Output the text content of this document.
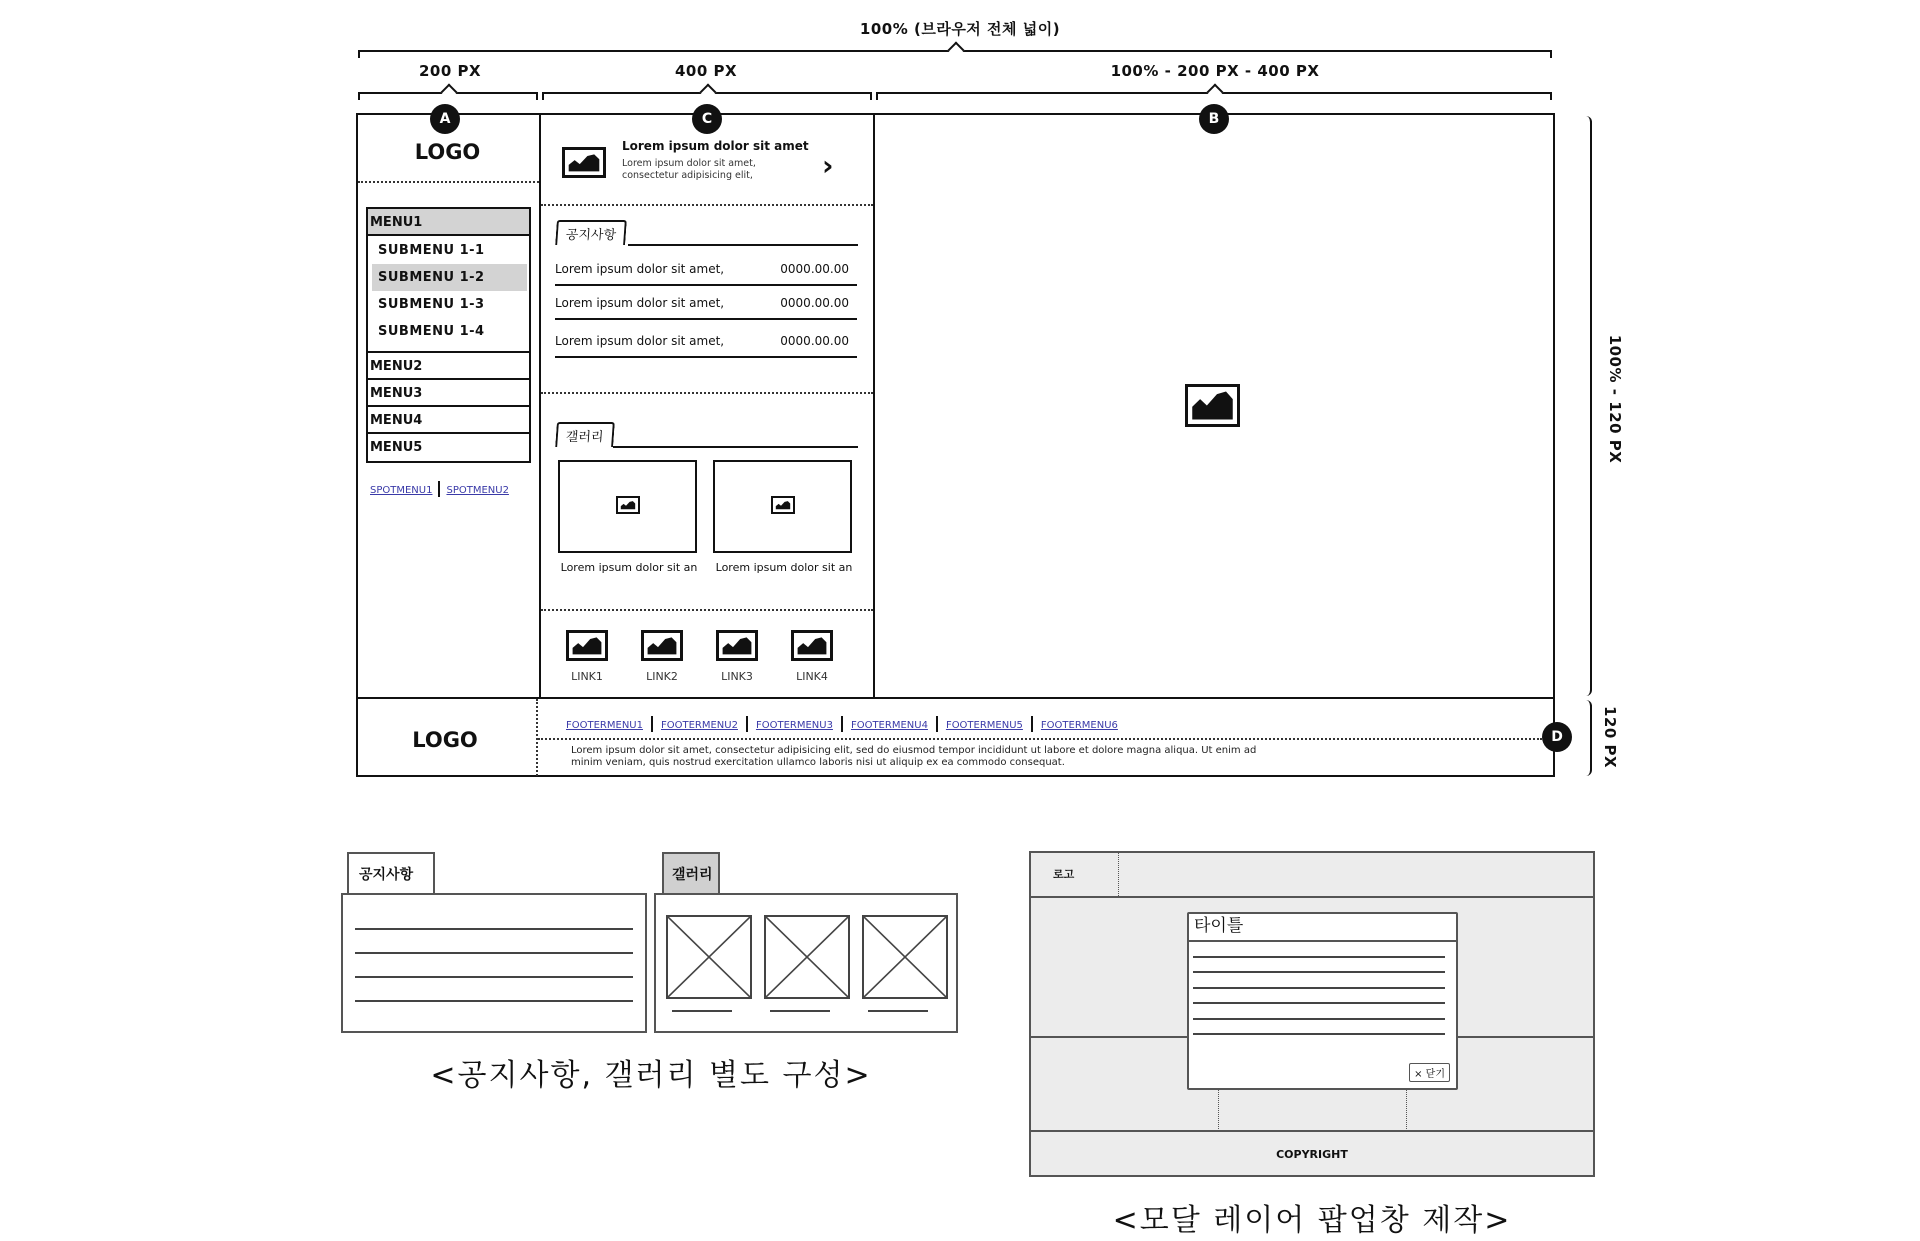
100% (브라우저 전체 넓이)
200 PX	400 PX	100% - 200 PX - 400 PX
100% - 120 PX
120 PX
A	C	B
D
LOGO
MENU1
SUBMENU 1-1
SUBMENU 1-2
SUBMENU 1-3
SUBMENU 1-4
MENU2
MENU3
MENU4
MENU5
SPOTMENU1 SPOTMENU2
Lorem ipsum dolor sit amet
Lorem ipsum dolor sit amet,
consectetur adipisicing elit, ›
공지사항
Lorem ipsum dolor sit amet,	0000.00.00
Lorem ipsum dolor sit amet,	0000.00.00
Lorem ipsum dolor sit amet,	0000.00.00
갤러리
Lorem ipsum dolor sit an	Lorem ipsum dolor sit an
LINK1	LINK2	LINK3	LINK4
LOGO
FOOTERMENU1 FOOTERMENU2 FOOTERMENU3 FOOTERMENU4 FOOTERMENU5 FOOTERMENU6
Lorem ipsum dolor sit amet, consectetur adipisicing elit, sed do eiusmod tempor incididunt ut labore et dolore magna aliqua. Ut enim ad
minim veniam, quis nostrud exercitation ullamco laboris nisi ut aliquip ex ea commodo consequat.
공지사항	갤러리
<공지사항, 갤러리 별도 구성>
로고
COPYRIGHT
타이틀
× 닫기
<모달 레이어 팝업창 제작>
